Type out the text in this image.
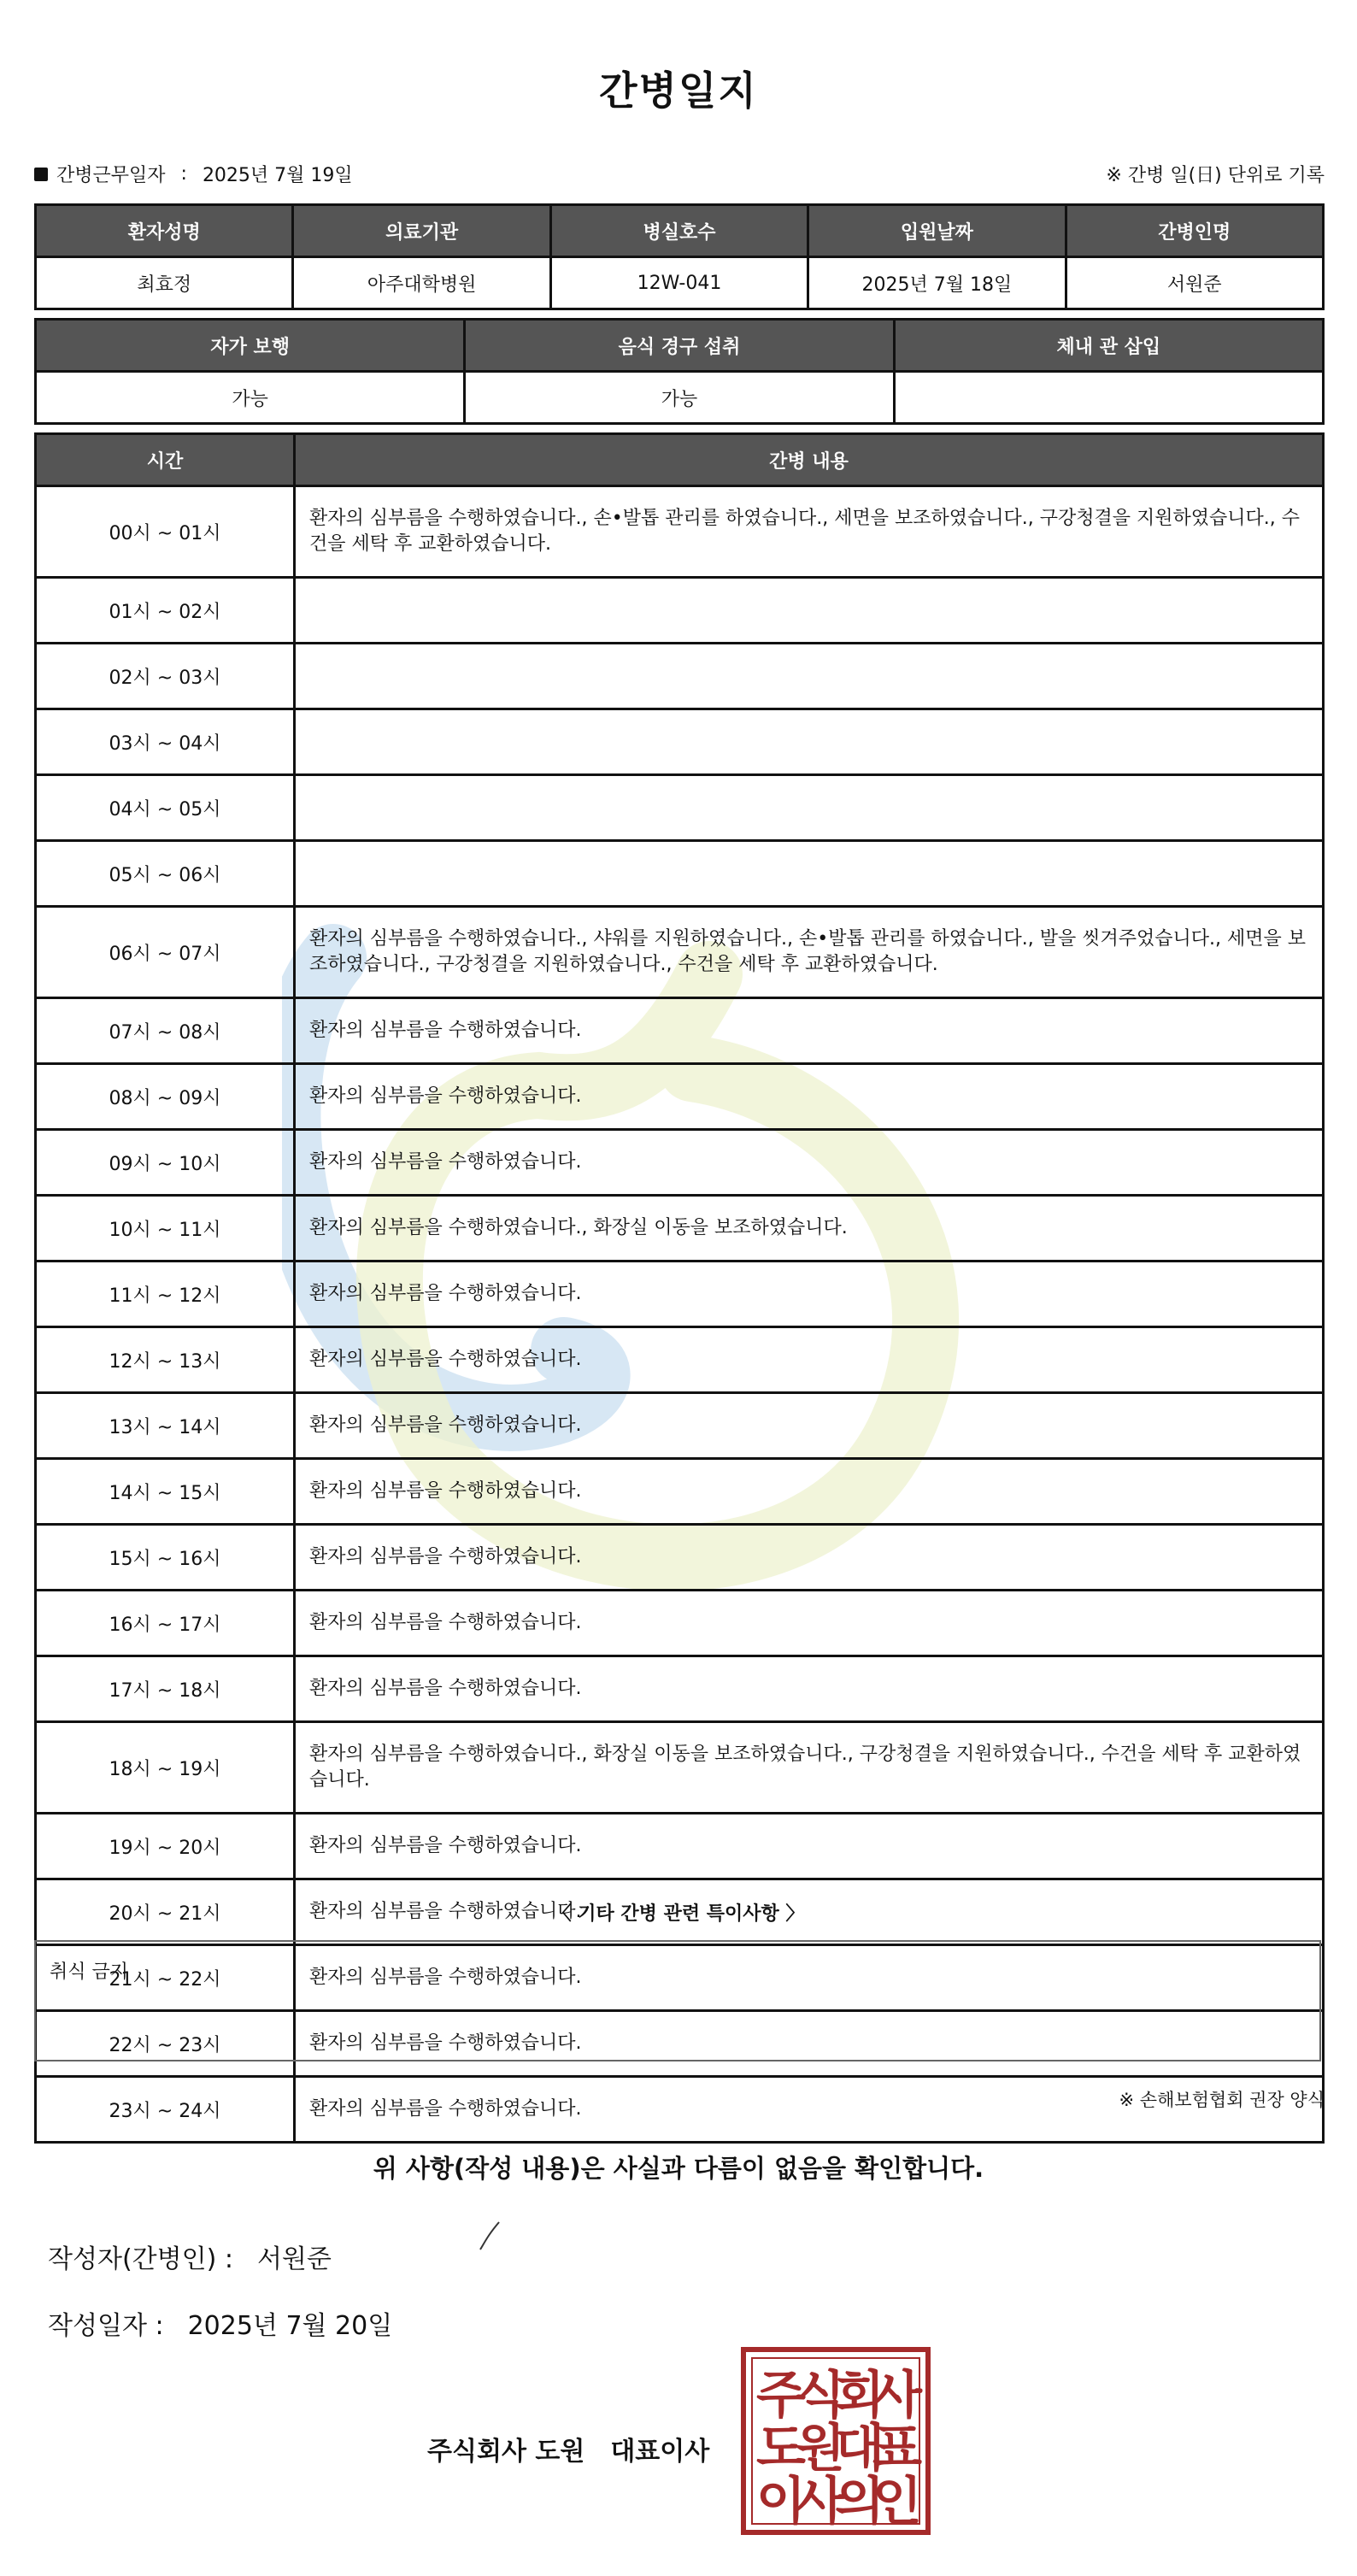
간병일지
간병근무일자 : 2025년 7월 19일	※ 간병 일(日) 단위로 기록
환자성명	의료기관	병실호수	입원날짜	간병인명
최효정	아주대학병원	12W-041	2025년 7월 18일	서원준
자가 보행	음식 경구 섭취	체내 관 삽입
가능	가능	
시간	간병 내용
00시 ~ 01시	환자의 심부름을 수행하였습니다., 손•발톱 관리를 하였습니다., 세면을 보조하였습니다., 구강청결을 지원하였습니다., 수건을 세탁 후 교환하였습니다.
01시 ~ 02시	
02시 ~ 03시	
03시 ~ 04시	
04시 ~ 05시	
05시 ~ 06시	
06시 ~ 07시	환자의 심부름을 수행하였습니다., 샤워를 지원하였습니다., 손•발톱 관리를 하였습니다., 발을 씻겨주었습니다., 세면을 보조하였습니다., 구강청결을 지원하였습니다., 수건을 세탁 후 교환하였습니다.
07시 ~ 08시	환자의 심부름을 수행하였습니다.
08시 ~ 09시	환자의 심부름을 수행하였습니다.
09시 ~ 10시	환자의 심부름을 수행하였습니다.
10시 ~ 11시	환자의 심부름을 수행하였습니다., 화장실 이동을 보조하였습니다.
11시 ~ 12시	환자의 심부름을 수행하였습니다.
12시 ~ 13시	환자의 심부름을 수행하였습니다.
13시 ~ 14시	환자의 심부름을 수행하였습니다.
14시 ~ 15시	환자의 심부름을 수행하였습니다.
15시 ~ 16시	환자의 심부름을 수행하였습니다.
16시 ~ 17시	환자의 심부름을 수행하였습니다.
17시 ~ 18시	환자의 심부름을 수행하였습니다.
18시 ~ 19시	환자의 심부름을 수행하였습니다., 화장실 이동을 보조하였습니다., 구강청결을 지원하였습니다., 수건을 세탁 후 교환하였습니다.
19시 ~ 20시	환자의 심부름을 수행하였습니다.
20시 ~ 21시	환자의 심부름을 수행하였습니다.
21시 ~ 22시	환자의 심부름을 수행하였습니다.
22시 ~ 23시	환자의 심부름을 수행하였습니다.
23시 ~ 24시	환자의 심부름을 수행하였습니다.
〈 기타 간병 관련 특이사항 〉
취식 금지
※ 손해보험협회 권장 양식
위 사항(작성 내용)은 사실과 다름이 없음을 확인합니다.
작성자(간병인) : 서원준
작성일자 : 2025년 7월 20일
주식회사 도원 대표이사
주
식
회
사
도
원
대
표
이
사
의
인
